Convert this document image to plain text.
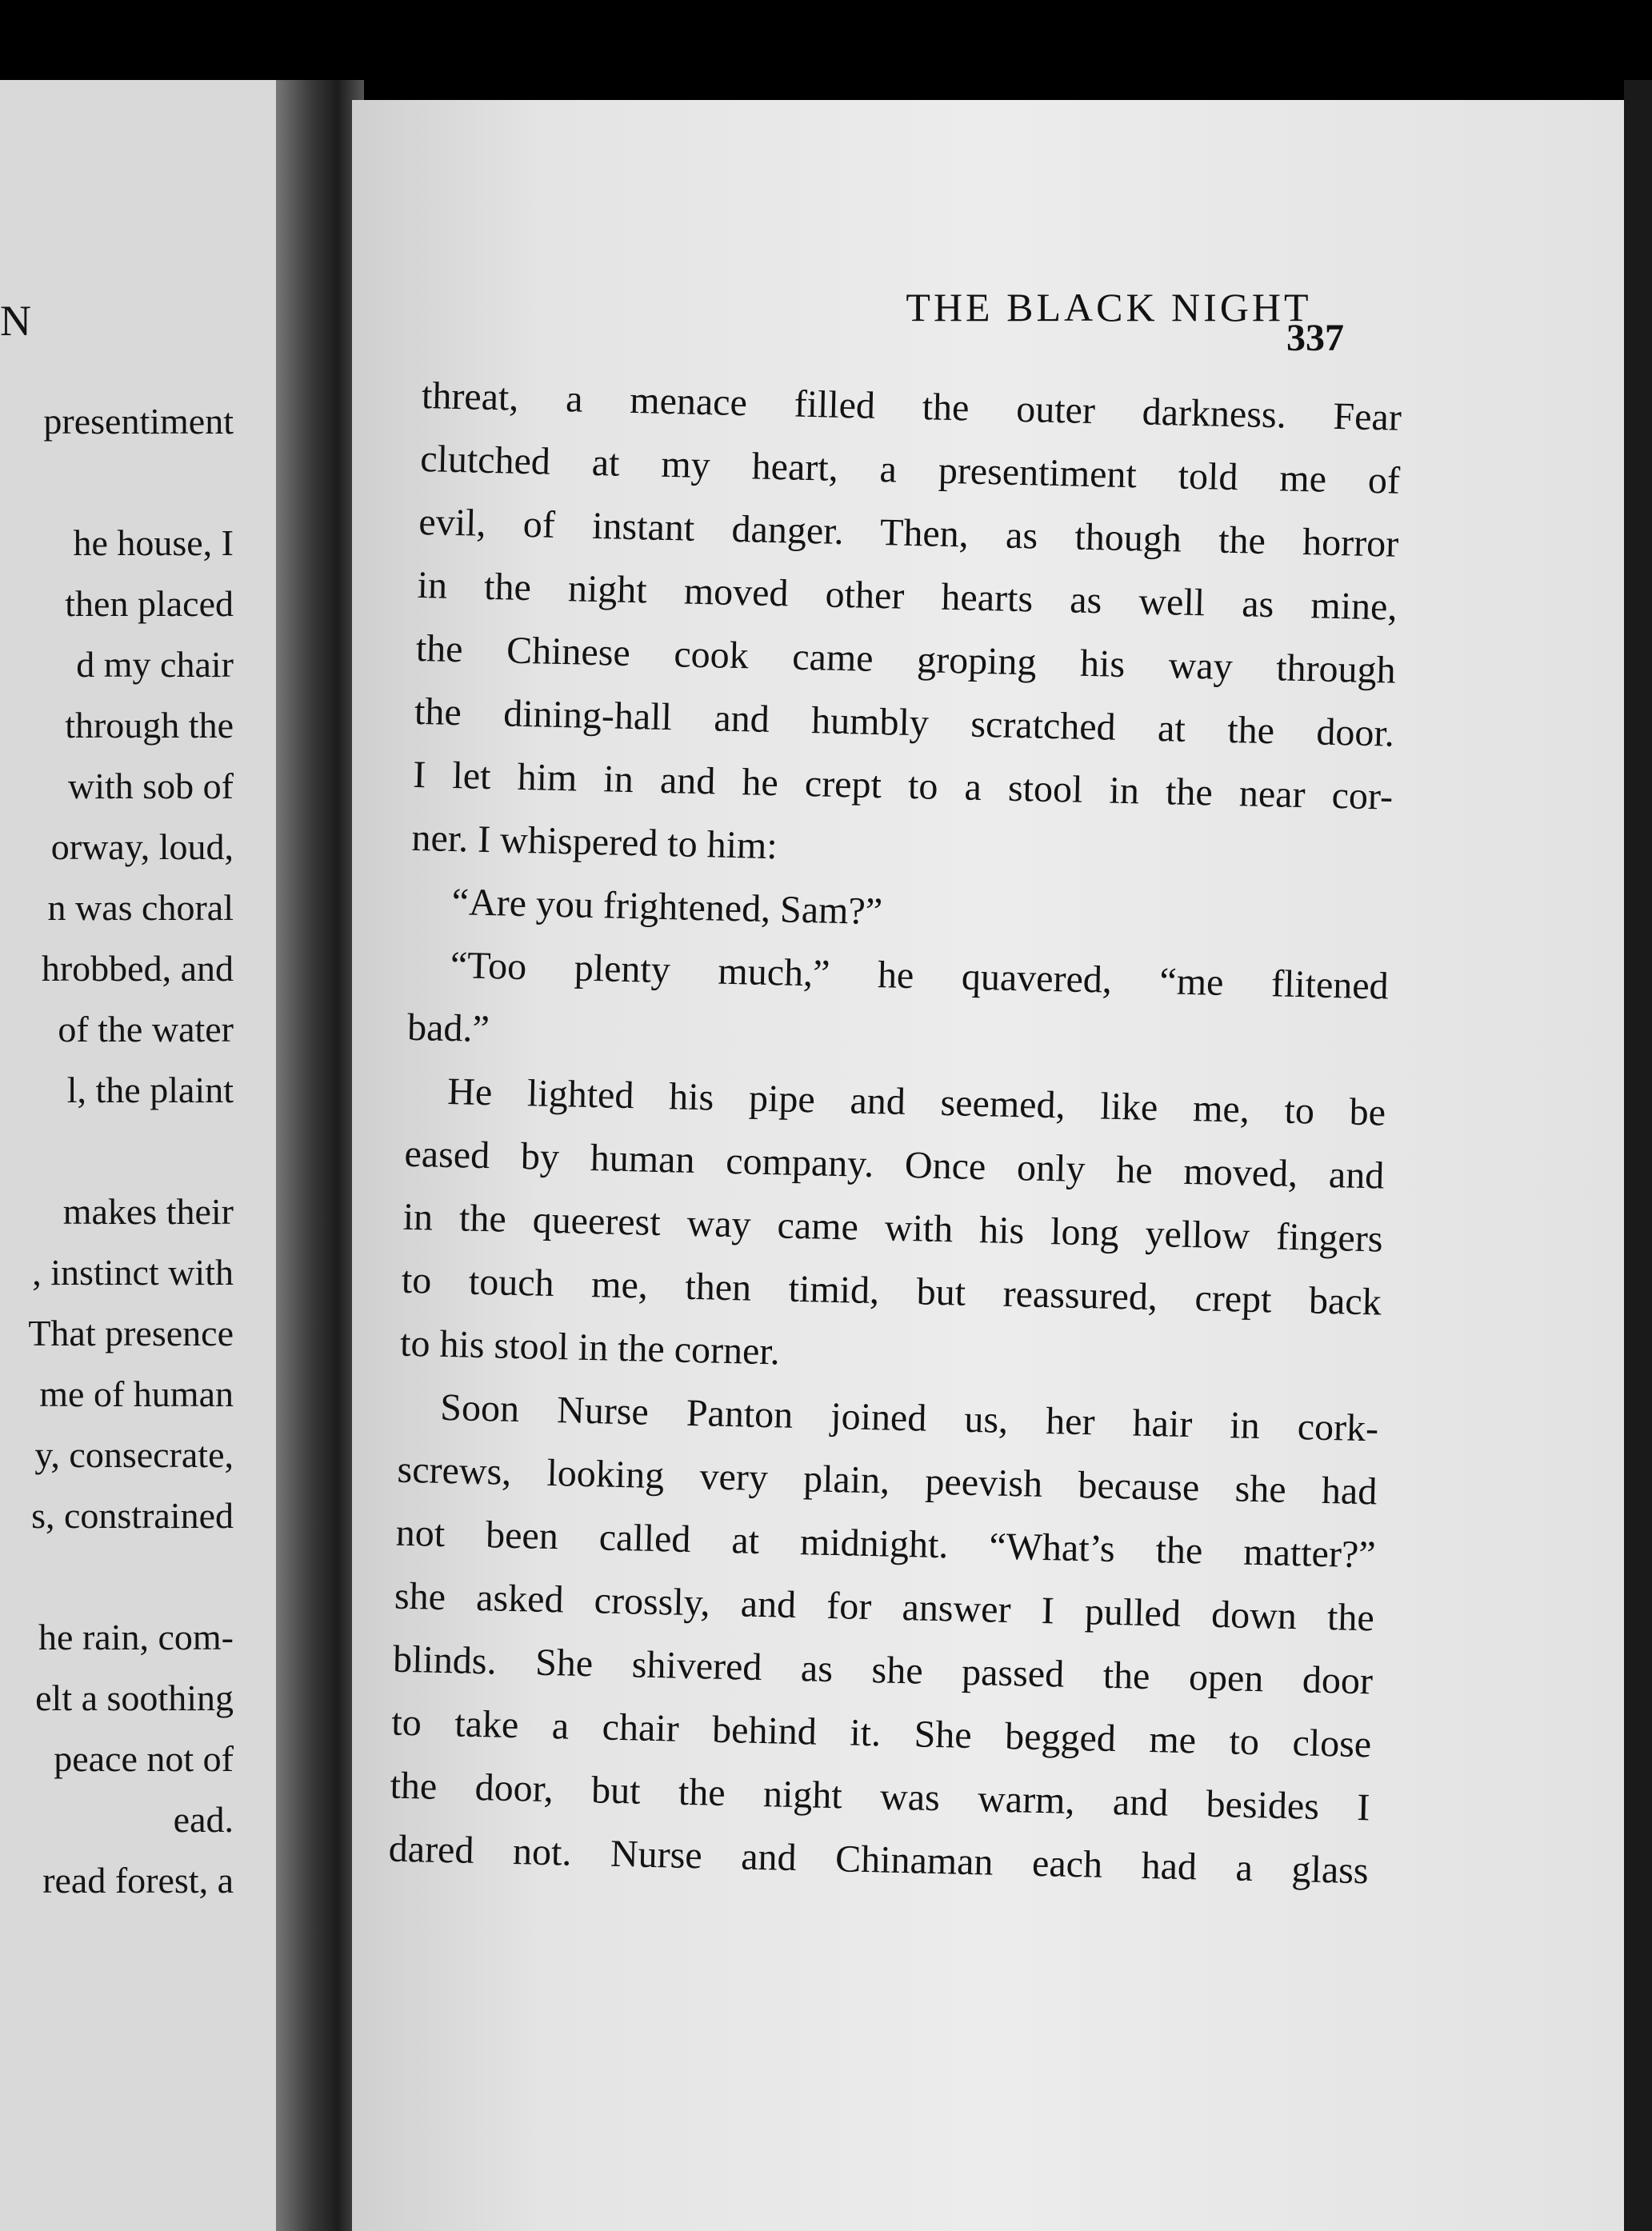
N
presentiment
he house, I
then placed
d my chair
through the
with sob of
orway, loud,
n was choral
hrobbed, and
of the water
l, the plaint
makes their
, instinct with
That presence
me of human
y, consecrate,
s, constrained
he rain, com-
elt a soothing
peace not of
ead.
read forest, a
THE BLACK NIGHT
337
threat, a menace filled the outer darkness. Fear
clutched at my heart, a presentiment told me of
evil, of instant danger. Then, as though the horror
in the night moved other hearts as well as mine,
the Chinese cook came groping his way through
the dining-hall and humbly scratched at the door.
I let him in and he crept to a stool in the near cor-
ner. I whispered to him:
“Are you frightened, Sam?”
“Too plenty much,” he quavered, “me flitened
bad.”
He lighted his pipe and seemed, like me, to be
eased by human company. Once only he moved, and
in the queerest way came with his long yellow fingers
to touch me, then timid, but reassured, crept back
to his stool in the corner.
Soon Nurse Panton joined us, her hair in cork-
screws, looking very plain, peevish because she had
not been called at midnight. “What’s the matter?”
she asked crossly, and for answer I pulled down the
blinds. She shivered as she passed the open door
to take a chair behind it. She begged me to close
the door, but the night was warm, and besides I
dared not. Nurse and Chinaman each had a glass
